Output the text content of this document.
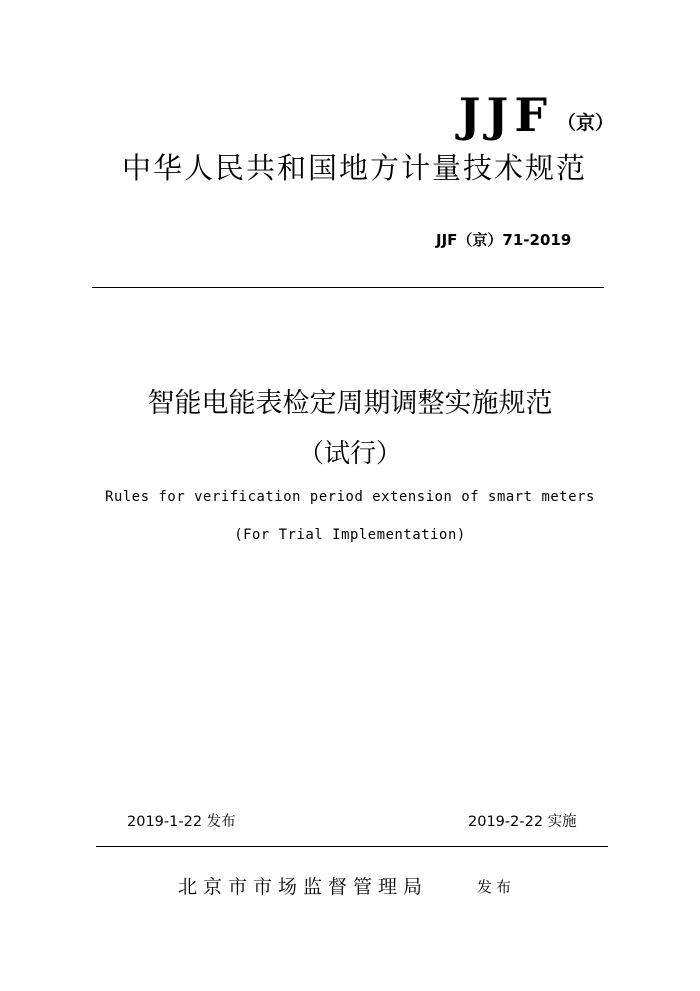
JJF （京）
中华人民共和国地方计量技术规范
JJF（京）71-2019
智能电能表检定周期调整实施规范
（试行）
Rules for verification period extension of smart meters
(For Trial Implementation)
2019-1-22 发布	2019-2-22 实施
北京市市场监督管理局	发布
